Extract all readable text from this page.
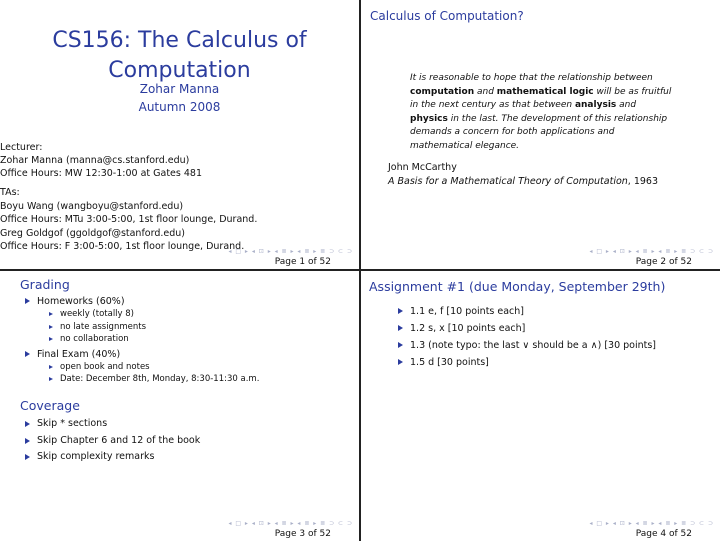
CS156: The Calculus of
Computation
Zohar Manna
Autumn 2008
Lecturer:
Zohar Manna (manna@cs.stanford.edu)
Office Hours: MW 12:30-1:00 at Gates 481
TAs:
Boyu Wang (wangboyu@stanford.edu)
Office Hours: MTu 3:00-5:00, 1st floor lounge, Durand.
Greg Goldgof (ggoldgof@stanford.edu)
Office Hours: F 3:00-5:00, 1st floor lounge, Durand.
◂ □ ▸ ◂ ⊡ ▸ ◂ ≣ ▸ ◂ ≣ ▸ ≣ ⊃ ⊂ ⊃
Page 1 of 52
Calculus of Computation?
It is reasonable to hope that the relationship between computation and mathematical logic will be as fruitful in the next century as that between analysis and physics in the last. The development of this relationship demands a concern for both applications and mathematical elegance.
John McCarthy
A Basis for a Mathematical Theory of Computation, 1963
◂ □ ▸ ◂ ⊡ ▸ ◂ ≣ ▸ ◂ ≣ ▸ ≣ ⊃ ⊂ ⊃
Page 2 of 52
Grading
Homeworks (60%)
weekly (totally 8)
no late assignments
no collaboration
Final Exam (40%)
open book and notes
Date: December 8th, Monday, 8:30-11:30 a.m.
Coverage
Skip * sections
Skip Chapter 6 and 12 of the book
Skip complexity remarks
◂ □ ▸ ◂ ⊡ ▸ ◂ ≣ ▸ ◂ ≣ ▸ ≣ ⊃ ⊂ ⊃
Page 3 of 52
Assignment #1 (due Monday, September 29th)
1.1 e, f [10 points each]
1.2 s, x [10 points each]
1.3 (note typo: the last ∨ should be a ∧) [30 points]
1.5 d [30 points]
◂ □ ▸ ◂ ⊡ ▸ ◂ ≣ ▸ ◂ ≣ ▸ ≣ ⊃ ⊂ ⊃
Page 4 of 52
